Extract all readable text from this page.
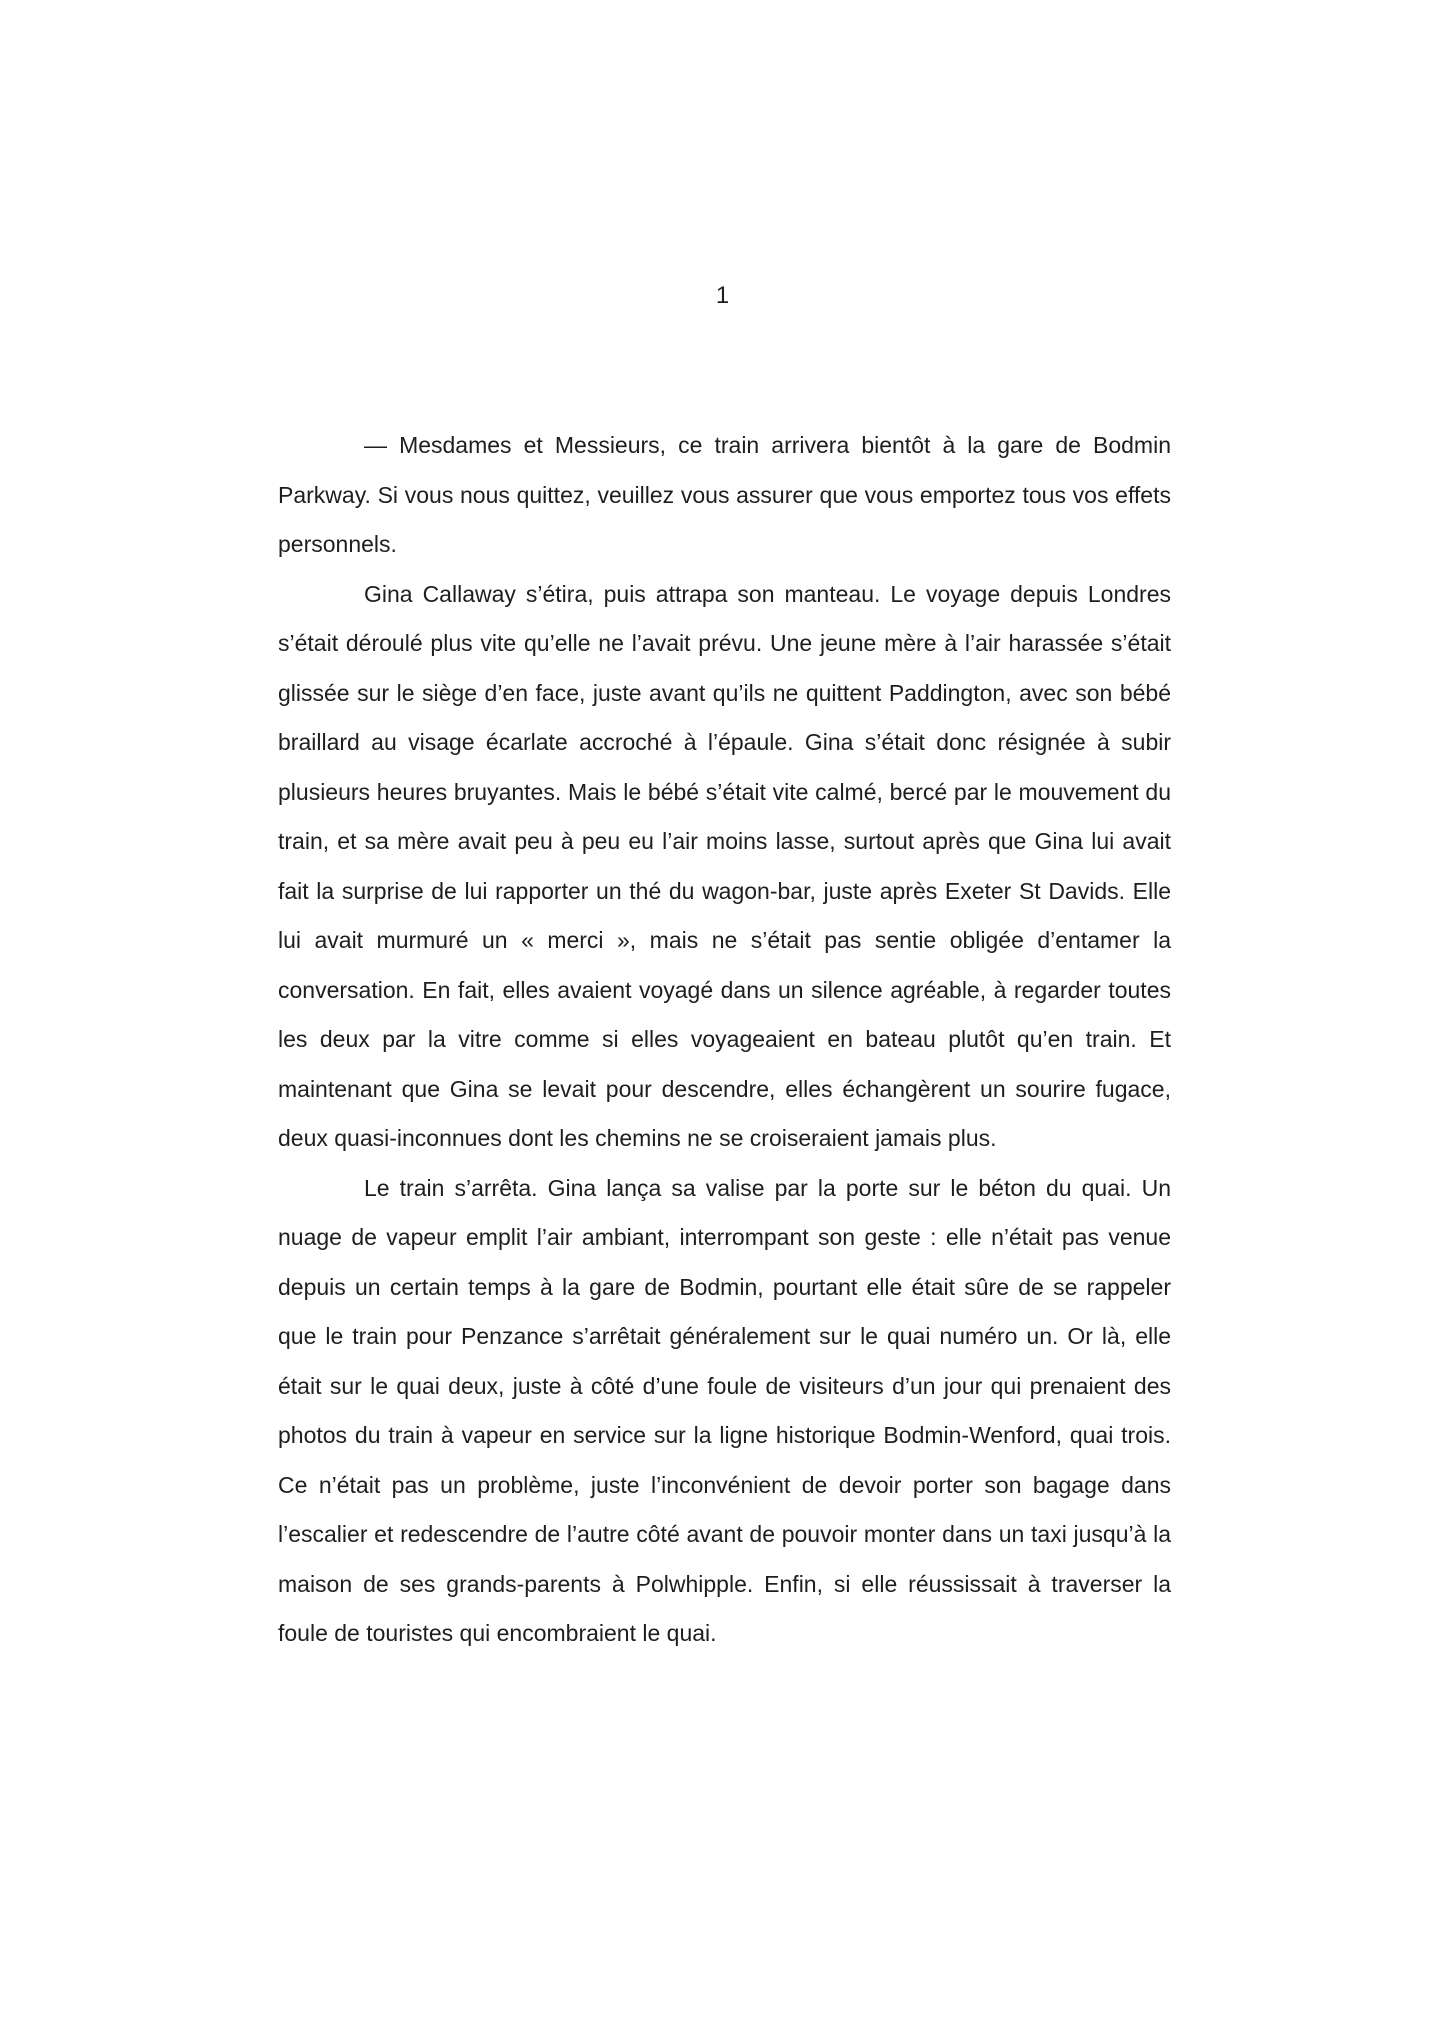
1

— Mesdames et Messieurs, ce train arrivera bientôt à la gare de Bodmin Parkway. Si vous nous quittez, veuillez vous assurer que vous emportez tous vos effets personnels.

Gina Callaway s’étira, puis attrapa son manteau. Le voyage depuis Londres s’était déroulé plus vite qu’elle ne l’avait prévu. Une jeune mère à l’air harassée s’était glissée sur le siège d’en face, juste avant qu’ils ne quittent Paddington, avec son bébé braillard au visage écarlate accroché à l’épaule. Gina s’était donc résignée à subir plusieurs heures bruyantes. Mais le bébé s’était vite calmé, bercé par le mouvement du train, et sa mère avait peu à peu eu l’air moins lasse, surtout après que Gina lui avait fait la surprise de lui rapporter un thé du wagon-bar, juste après Exeter St Davids. Elle lui avait murmuré un « merci », mais ne s’était pas sentie obligée d’entamer la conversation. En fait, elles avaient voyagé dans un silence agréable, à regarder toutes les deux par la vitre comme si elles voyageaient en bateau plutôt qu’en train. Et maintenant que Gina se levait pour descendre, elles échangèrent un sourire fugace, deux quasi-inconnues dont les chemins ne se croiseraient jamais plus.

Le train s’arrêta. Gina lança sa valise par la porte sur le béton du quai. Un nuage de vapeur emplit l’air ambiant, interrompant son geste : elle n’était pas venue depuis un certain temps à la gare de Bodmin, pourtant elle était sûre de se rappeler que le train pour Penzance s’arrêtait généralement sur le quai numéro un. Or là, elle était sur le quai deux, juste à côté d’une foule de visiteurs d’un jour qui prenaient des photos du train à vapeur en service sur la ligne historique Bodmin-Wenford, quai trois. Ce n’était pas un problème, juste l’inconvénient de devoir porter son bagage dans l’escalier et redescendre de l’autre côté avant de pouvoir monter dans un taxi jusqu’à la maison de ses grands-parents à Polwhipple. Enfin, si elle réussissait à traverser la foule de touristes qui encombraient le quai.
